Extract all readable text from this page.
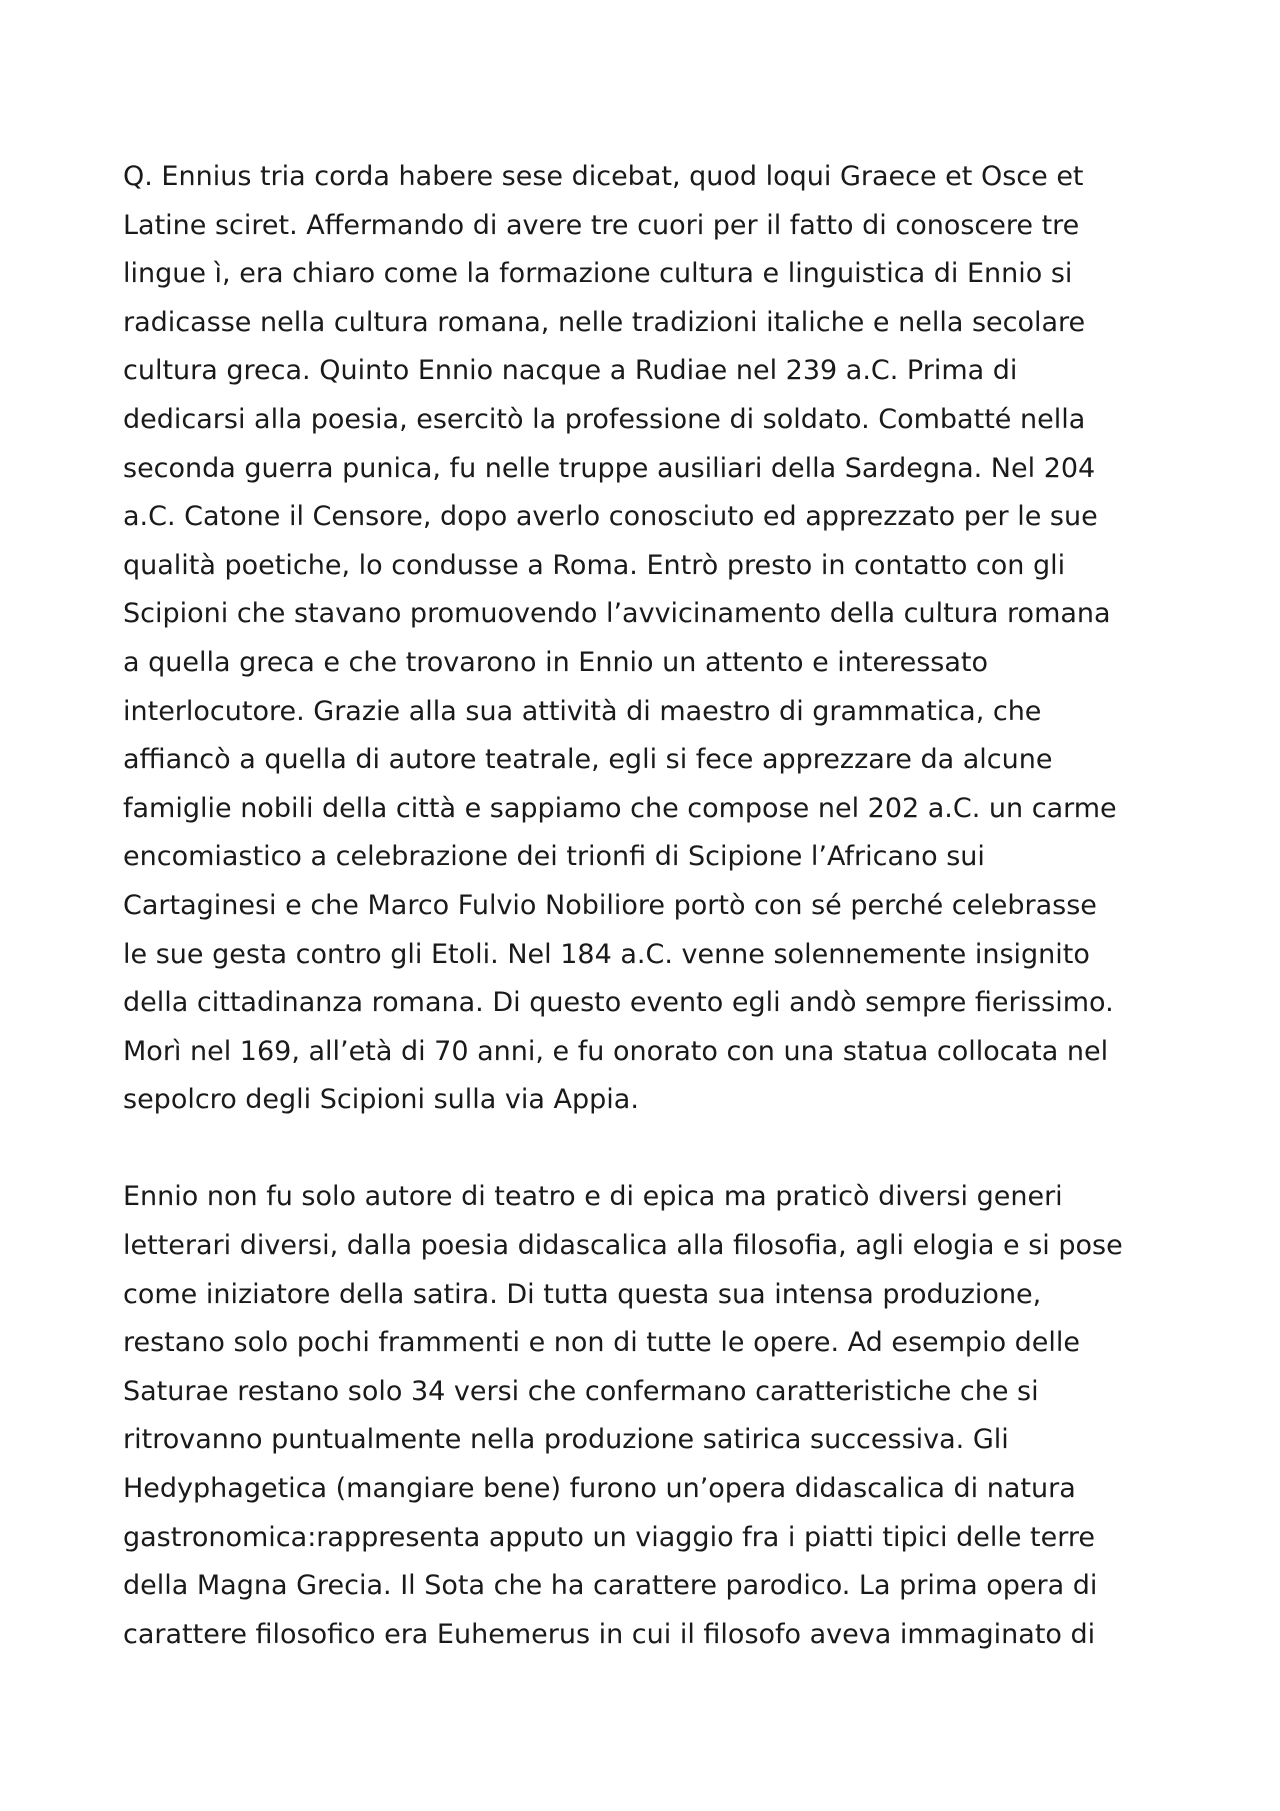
Q. Ennius tria corda habere sese dicebat, quod loqui Graece et Osce et
Latine sciret. Affermando di avere tre cuori per il fatto di conoscere tre
lingue ì, era chiaro come la formazione cultura e linguistica di Ennio si
radicasse nella cultura romana, nelle tradizioni italiche e nella secolare
cultura greca. Quinto Ennio nacque a Rudiae nel 239 a.C. Prima di
dedicarsi alla poesia, esercitò la professione di soldato. Combatté nella
seconda guerra punica, fu nelle truppe ausiliari della Sardegna. Nel 204
a.C. Catone il Censore, dopo averlo conosciuto ed apprezzato per le sue
qualità poetiche, lo condusse a Roma. Entrò presto in contatto con gli
Scipioni che stavano promuovendo l’avvicinamento della cultura romana
a quella greca e che trovarono in Ennio un attento e interessato
interlocutore. Grazie alla sua attività di maestro di grammatica, che
affiancò a quella di autore teatrale, egli si fece apprezzare da alcune
famiglie nobili della città e sappiamo che compose nel 202 a.C. un carme
encomiastico a celebrazione dei trionfi di Scipione l’Africano sui
Cartaginesi e che Marco Fulvio Nobiliore portò con sé perché celebrasse
le sue gesta contro gli Etoli. Nel 184 a.C. venne solennemente insignito
della cittadinanza romana. Di questo evento egli andò sempre fierissimo.
Morì nel 169, all’età di 70 anni, e fu onorato con una statua collocata nel
sepolcro degli Scipioni sulla via Appia.

Ennio non fu solo autore di teatro e di epica ma praticò diversi generi
letterari diversi, dalla poesia didascalica alla filosofia, agli elogia e si pose
come iniziatore della satira. Di tutta questa sua intensa produzione,
restano solo pochi frammenti e non di tutte le opere. Ad esempio delle
Saturae restano solo 34 versi che confermano caratteristiche che si
ritrovanno puntualmente nella produzione satirica successiva. Gli
Hedyphagetica (mangiare bene) furono un’opera didascalica di natura
gastronomica:rappresenta apputo un viaggio fra i piatti tipici delle terre
della Magna Grecia. Il Sota che ha carattere parodico. La prima opera di
carattere filosofico era Euhemerus in cui il filosofo aveva immaginato di
